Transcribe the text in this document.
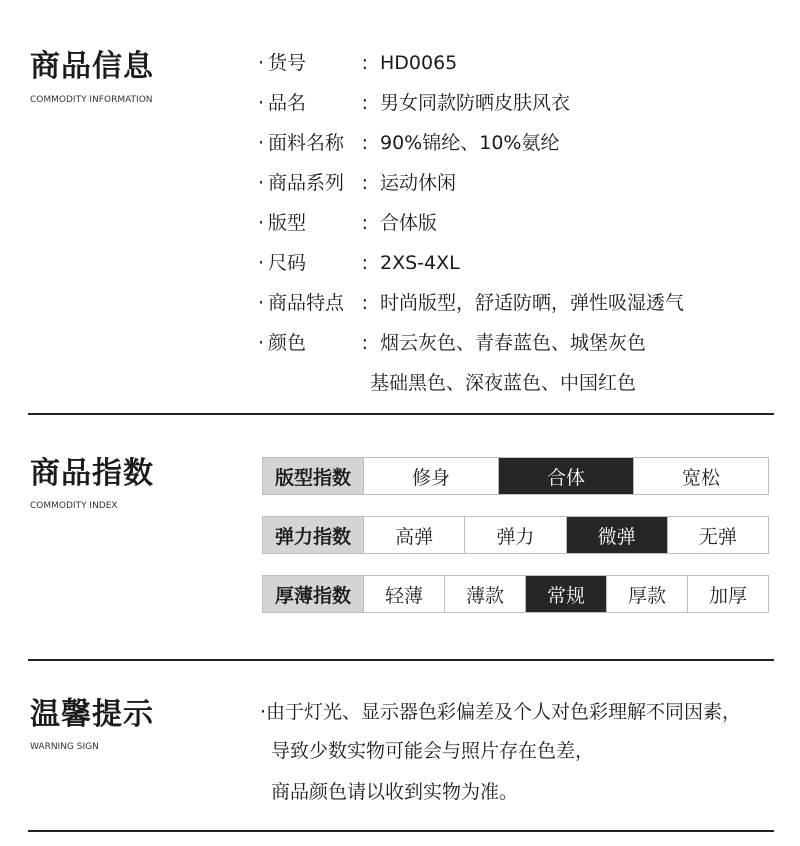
商品信息
COMMODITY INFORMATION
· 货号	: HD0065
· 品名	: 男女同款防晒皮肤风衣
· 面料名称 : 90%锦纶、10%氨纶
· 商品系列 : 运动休闲
· 版型	: 合体版
· 尺码	: 2XS-4XL
· 商品特点 : 时尚版型，舒适防晒，弹性吸湿透气
· 颜色	: 烟云灰色、青春蓝色、城堡灰色
基础黑色、深夜蓝色、中国红色
商品指数
COMMODITY INDEX
版型指数	修身	合体	宽松
弹力指数	高弹	弹力	微弹	无弹
厚薄指数	轻薄	薄款	常规	厚款	加厚
温馨提示
WARNING SIGN
·由于灯光、显示器色彩偏差及个人对色彩理解不同因素，
导致少数实物可能会与照片存在色差，
商品颜色请以收到实物为准。
